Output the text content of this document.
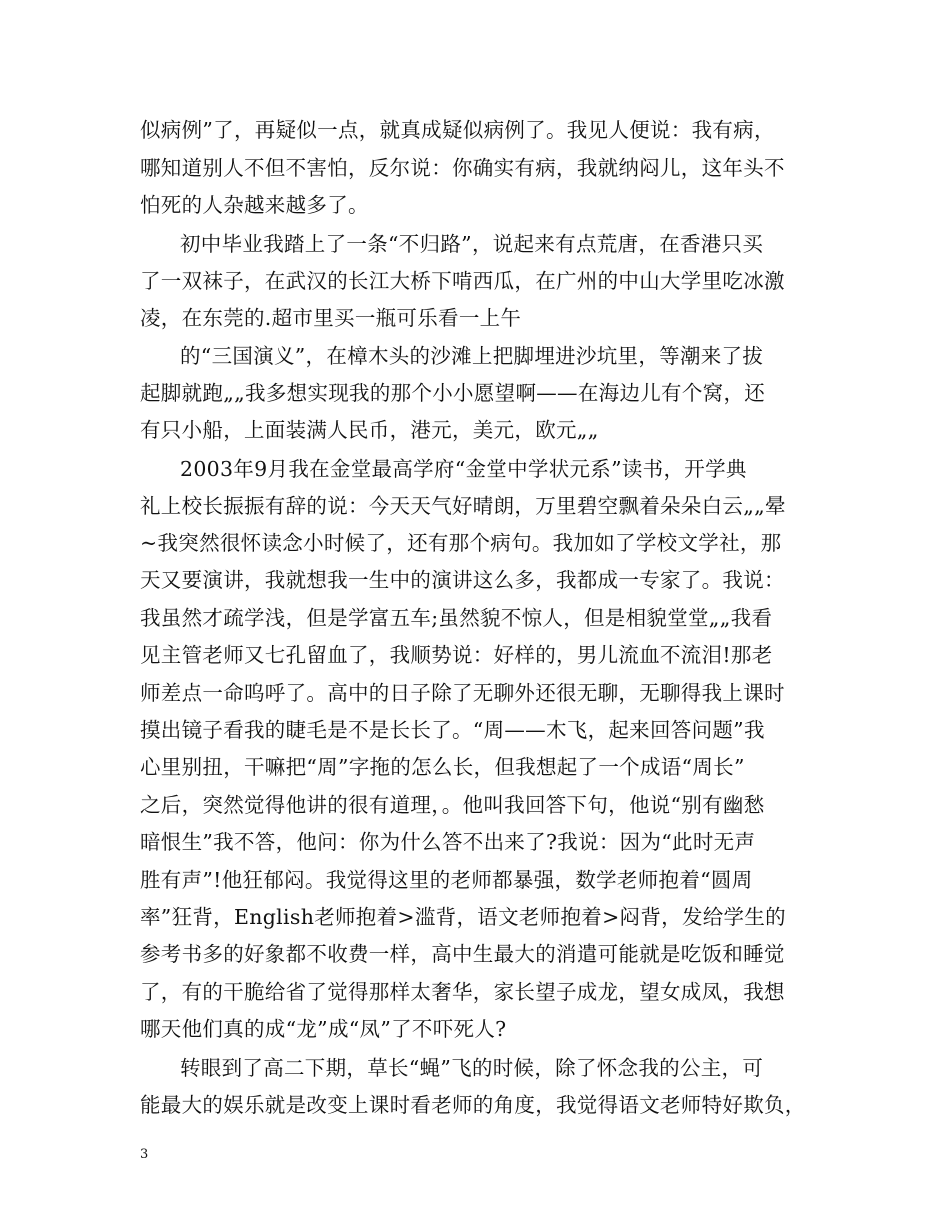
似病例”了，再疑似一点，就真成疑似病例了。我见人便说：我有病，
哪知道别人不但不害怕，反尔说：你确实有病，我就纳闷儿，这年头不
怕死的人杂越来越多了。
初中毕业我踏上了一条“不归路”，说起来有点荒唐，在香港只买
了一双袜子，在武汉的长江大桥下啃西瓜，在广州的中山大学里吃冰激
凌，在东莞的.超市里买一瓶可乐看一上午
的“三国演义”，在樟木头的沙滩上把脚埋进沙坑里，等潮来了拔
起脚就跑„„我多想实现我的那个小小愿望啊——在海边儿有个窝，还
有只小船，上面装满人民币，港元，美元，欧元„„
2003年9月我在金堂最高学府“金堂中学状元系”读书，开学典
礼上校长振振有辞的说：今天天气好晴朗，万里碧空飘着朵朵白云„„晕
~我突然很怀读念小时候了，还有那个病句。我加如了学校文学社，那
天又要演讲，我就想我一生中的演讲这么多，我都成一专家了。我说：
我虽然才疏学浅，但是学富五车;虽然貌不惊人，但是相貌堂堂„„我看
见主管老师又七孔留血了，我顺势说：好样的，男儿流血不流泪!那老
师差点一命呜呼了。高中的日子除了无聊外还很无聊，无聊得我上课时
摸出镜子看我的睫毛是不是长长了。“周——木飞，起来回答问题”我
心里别扭，干嘛把“周”字拖的怎么长，但我想起了一个成语“周长”
之后，突然觉得他讲的很有道理，。他叫我回答下句，他说“别有幽愁
暗恨生”我不答，他问：你为什么答不出来了?我说：因为“此时无声
胜有声”!他狂郁闷。我觉得这里的老师都暴强，数学老师抱着“圆周
率”狂背，English老师抱着>滥背，语文老师抱着>闷背，发给学生的
参考书多的好象都不收费一样，高中生最大的消遣可能就是吃饭和睡觉
了，有的干脆给省了觉得那样太奢华，家长望子成龙，望女成凤，我想
哪天他们真的成“龙”成“凤”了不吓死人?
转眼到了高二下期，草长“蝇”飞的时候，除了怀念我的公主，可
能最大的娱乐就是改变上课时看老师的角度，我觉得语文老师特好欺负，
3
